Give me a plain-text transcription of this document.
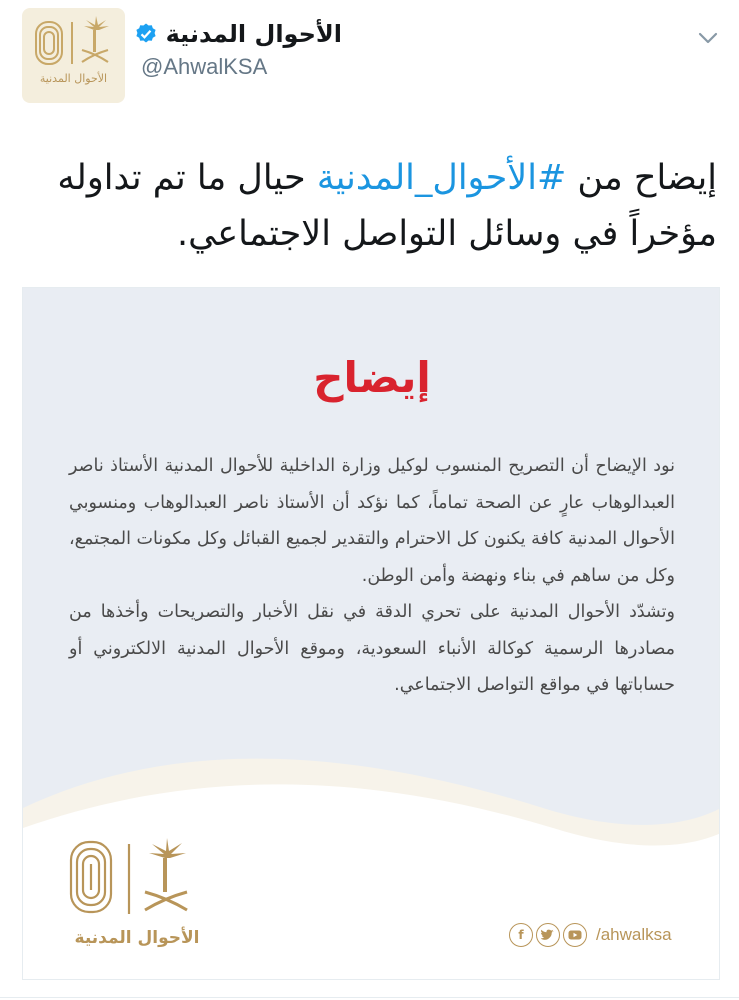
الأحوال المدنية
الأحوال المدنية
@AhwalKSA
إيضاح من #الأحوال_المدنية حيال ما تم تداوله مؤخراً في وسائل التواصل الاجتماعي.
إيضاح

نود الإيضاح أن التصريح المنسوب لوكيل وزارة الداخلية للأحوال المدنية الأستاذ ناصر العبدالوهاب عارٍ عن الصحة تماماً، كما نؤكد أن الأستاذ ناصر العبدالوهاب ومنسوبي الأحوال المدنية كافة يكنون كل الاحترام والتقدير لجميع القبائل وكل مكونات المجتمع، وكل من ساهم في بناء ونهضة وأمن الوطن.

وتشدّد الأحوال المدنية على تحري الدقة في نقل الأخبار والتصريحات وأخذها من مصادرها الرسمية كوكالة الأنباء السعودية، وموقع الأحوال المدنية الالكتروني أو حساباتها في مواقع التواصل الاجتماعي.

الأحوال المدنية	f	/ahwalksa
